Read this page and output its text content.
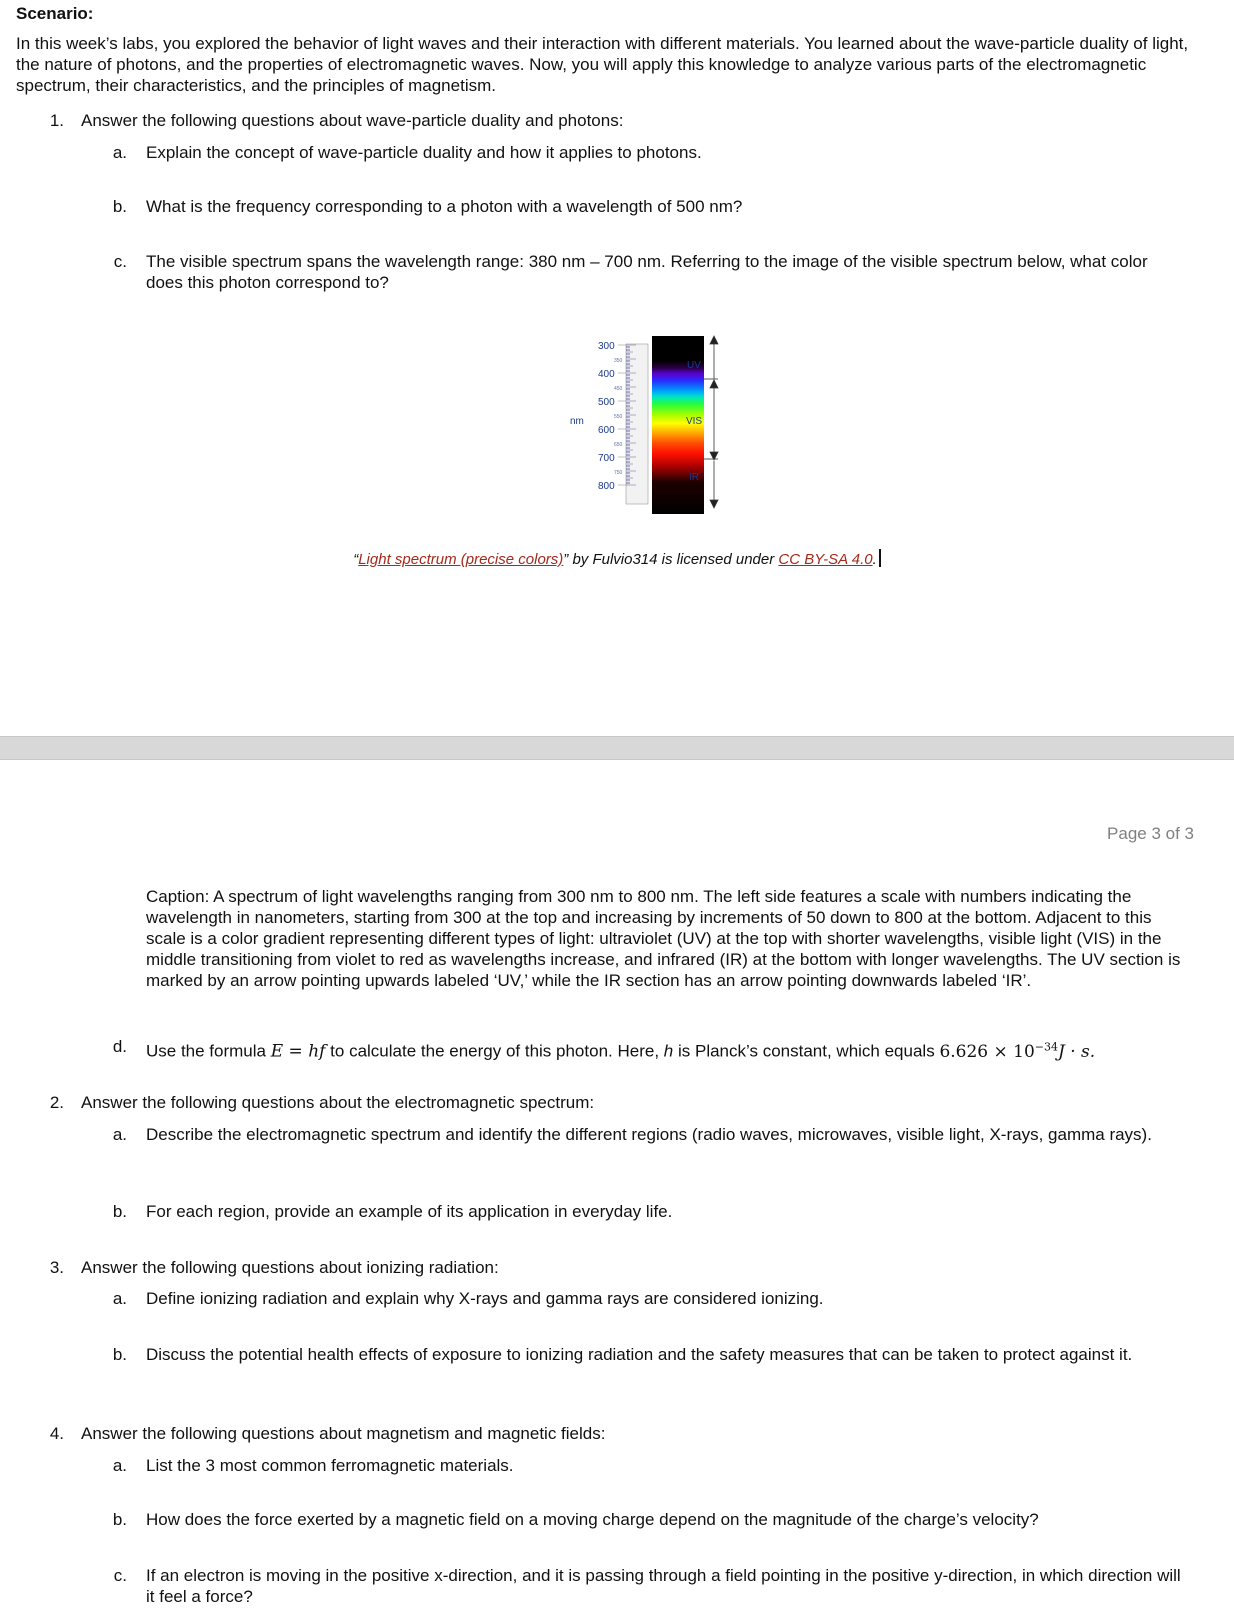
Scenario:
In this week’s labs, you explored the behavior of light waves and their interaction with different materials. You learned about the wave-particle duality of light, the nature of photons, and the properties of electromagnetic waves. Now, you will apply this knowledge to analyze various parts of the electromagnetic spectrum, their characteristics, and the principles of magnetism.
1. Answer the following questions about wave-particle duality and photons:
a. Explain the concept of wave-particle duality and how it applies to photons.
b. What is the frequency corresponding to a photon with a wavelength of 500 nm?
c. The visible spectrum spans the wavelength range: 380 nm – 700 nm. Referring to the image of the visible spectrum below, what color does this photon correspond to?
nm
300
400
500
600
700
800
350
450
550
650
750
UV
VIS
IR
“Light spectrum (precise colors)” by Fulvio314 is licensed under CC BY-SA 4.0.
Page 3 of 3
Caption: A spectrum of light wavelengths ranging from 300 nm to 800 nm. The left side features a scale with numbers indicating the wavelength in nanometers, starting from 300 at the top and increasing by increments of 50 down to 800 at the bottom. Adjacent to this scale is a color gradient representing different types of light: ultraviolet (UV) at the top with shorter wavelengths, visible light (VIS) in the middle transitioning from violet to red as wavelengths increase, and infrared (IR) at the bottom with longer wavelengths. The UV section is marked by an arrow pointing upwards labeled ‘UV,’ while the IR section has an arrow pointing downwards labeled ‘IR’.
d. Use the formula E = hf to calculate the energy of this photon. Here, h is Planck’s constant, which equals $6.626 \times 10^{-34}J \cdot s$.
2. Answer the following questions about the electromagnetic spectrum:
a. Describe the electromagnetic spectrum and identify the different regions (radio waves, microwaves, visible light, X-rays, gamma rays).
b. For each region, provide an example of its application in everyday life.
3. Answer the following questions about ionizing radiation:
a. Define ionizing radiation and explain why X-rays and gamma rays are considered ionizing.
b. Discuss the potential health effects of exposure to ionizing radiation and the safety measures that can be taken to protect against it.
4. Answer the following questions about magnetism and magnetic fields:
a. List the 3 most common ferromagnetic materials.
b. How does the force exerted by a magnetic field on a moving charge depend on the magnitude of the charge’s velocity?
c. If an electron is moving in the positive x-direction, and it is passing through a field pointing in the positive y-direction, in which direction will it feel a force?
